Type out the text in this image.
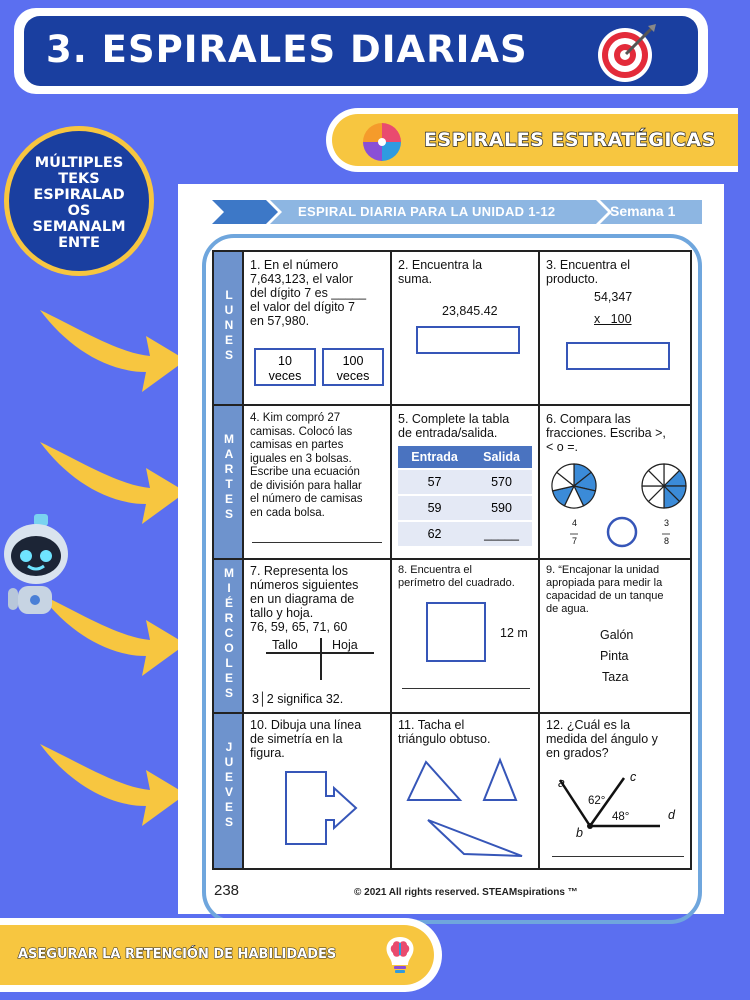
3. ESPIRALES DIARIAS
ESPIRALES ESTRATÉGICAS
MÚLTIPLES
TEKS
ESPIRALAD
OS
SEMANALM
ENTE
ESPIRAL DIARIA PARA LA UNIDAD 1-12	Semana 1
L
U
N
E
S
M
A
R
T
E
S
M
I
É
R
C
O
L
E
S
J
U
E
V
E
S
1. En el número
7,643,123, el valor
del dígito 7 es _____
el valor del dígito 7
en 57,980.
10
veces
100
veces
2. Encuentra la
suma.
23,845.42
3. Encuentra el
producto.
54,347
x   100
4. Kim compró 27
camisas. Colocó las
camisas en partes
iguales en 3 bolsas.
Escribe una ecuación
de división para hallar
el número de camisas
en cada bolsa.
5. Complete la tabla
de entrada/salida.
Entrada	Salida
57	570
59	590
62	_____
6. Compara las
fracciones. Escriba >,
< o =.
4
7
3
8
7. Representa los
números siguientes
en un diagrama de
tallo y hoja.
76, 59, 65, 71, 60
Tallo	Hoja
3│2 significa 32.
8. Encuentra el
perímetro del cuadrado.
12 m
9. “Encajonar la unidad
apropiada para medir la
capacidad de un tanque
de agua.
Galón
Pinta
Taza
10. Dibuja una línea
de simetría en la
figura.
11. Tacha el
triángulo obtuso.
12. ¿Cuál es la
medida del ángulo y
en grados?
a	c
d
b
62°
48°
238	© 2021 All rights reserved. STEAMspirations ™
ASEGURAR LA RETENCIÓN DE HABILIDADES
